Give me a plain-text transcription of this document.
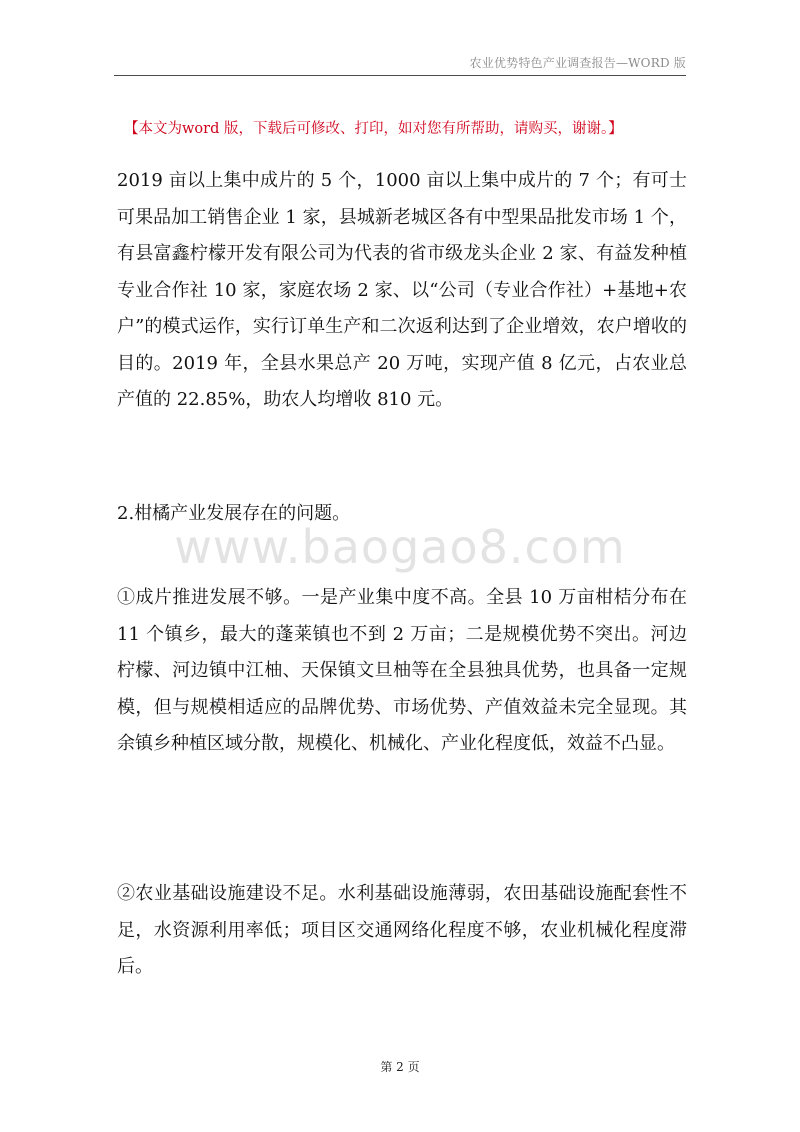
农业优势特色产业调查报告—WORD 版
【本文为word 版，下载后可修改、打印，如对您有所帮助，请购买，谢谢。】
www.baogao8.com

2019 亩以上集中成片的 5 个，1000 亩以上集中成片的 7 个；有可士可果品加工销售企业 1 家，县城新老城区各有中型果品批发市场 1 个，有县富鑫柠檬开发有限公司为代表的省市级龙头企业 2 家、有益发种植专业合作社 10 家，家庭农场 2 家、以“公司（专业合作社）+基地+农户”的模式运作，实行订单生产和二次返利达到了企业增效，农户增收的目的。2019 年，全县水果总产 20 万吨，实现产值 8 亿元，占农业总产值的 22.85%，助农人均增收 810 元。

2.柑橘产业发展存在的问题。

①成片推进发展不够。一是产业集中度不高。全县 10 万亩柑桔分布在 11 个镇乡，最大的蓬莱镇也不到 2 万亩；二是规模优势不突出。河边柠檬、河边镇中江柚、天保镇文旦柚等在全县独具优势，也具备一定规模，但与规模相适应的品牌优势、市场优势、产值效益未完全显现。其余镇乡种植区域分散，规模化、机械化、产业化程度低，效益不凸显。

②农业基础设施建设不足。水利基础设施薄弱，农田基础设施配套性不足，水资源利用率低；项目区交通网络化程度不够，农业机械化程度滞后。

第 2 页
